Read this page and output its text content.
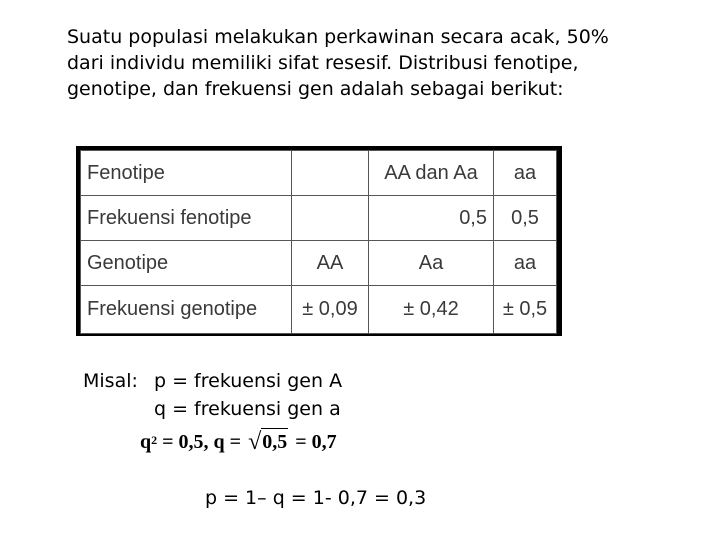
Suatu populasi melakukan perkawinan secara acak, 50%
dari individu memiliki sifat resesif. Distribusi fenotipe,
genotipe, dan frekuensi gen adalah sebagai berikut:
Fenotipe		AA dan Aa	aa
Frekuensi fenotipe		0,5	0,5
Genotipe	AA	Aa	aa
Frekuensi genotipe	± 0,09	± 0,42	± 0,5

Misal: p = frekuensi gen A

q = frekuensi gen a

$q^2 = 0,5$, q = √ 0,5 = 0,7

p = 1– q = 1- 0,7 = 0,3
